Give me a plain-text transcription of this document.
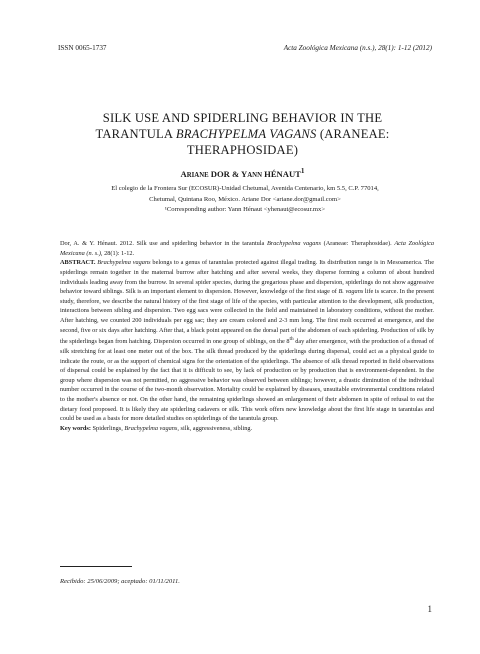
ISSN 0065-1737	Acta Zoológica Mexicana (n.s.), 28(1): 1-12 (2012)
SILK USE AND SPIDERLING BEHAVIOR IN THE
TARANTULA BRACHYPELMA VAGANS (ARANEAE:
THERAPHOSIDAE)
ARIANE DOR & YANN HÉNAUT$^1$
El colegio de la Frontera Sur (ECOSUR)-Unidad Chetumal, Avenida Centenario, km 5.5, C.P. 77014,
Chetumal, Quintana Roo, México. Ariane Dor <ariane.dor@gmail.com>
¹Corresponding author: Yann Hénaut <yhenaut@ecosur.mx>

Dor, A. & Y. Hénaut. 2012. Silk use and spiderling behavior in the tarantula Brachypelma vagans (Araneae: Theraphosidae). Acta Zoológica Mexicana (n. s.), 28(1): 1-12.

ABSTRACT. Brachypelma vagans belongs to a genus of tarantulas protected against illegal trading. Its distribution range is in Mesoamerica. The spiderlings remain together in the maternal burrow after hatching and after several weeks, they disperse forming a column of about hundred individuals leading away from the burrow. In several spider species, during the gregarious phase and dispersion, spiderlings do not show aggressive behavior toward siblings. Silk is an important element to dispersion. However, knowledge of the first stage of B. vagans life is scarce. In the present study, therefore, we describe the natural history of the first stage of life of the species, with particular attention to the development, silk production, interactions between sibling and dispersion. Two egg sacs were collected in the field and maintained in laboratory conditions, without the mother. After hatching, we counted 200 individuals per egg sac; they are cream colored and 2-3 mm long. The first molt occurred at emergence, and the second, five or six days after hatching. After that, a black point appeared on the dorsal part of the abdomen of each spiderling. Production of silk by the spiderlings began from hatching. Dispersion occurred in one group of siblings, on the 8th day after emergence, with the production of a thread of silk stretching for at least one meter out of the box. The silk thread produced by the spiderlings during dispersal, could act as a physical guide to indicate the route, or as the support of chemical signs for the orientation of the spiderlings. The absence of silk thread reported in field observations of dispersal could be explained by the fact that it is difficult to see, by lack of production or by production that is environment-dependent. In the group where dispersion was not permitted, no aggressive behavior was observed between siblings; however, a drastic diminution of the individual number occurred in the course of the two-month observation. Mortality could be explained by diseases, unsuitable environmental conditions related to the mother's absence or not. On the other hand, the remaining spiderlings showed an enlargement of their abdomen in spite of refusal to eat the dietary food proposed. It is likely they ate spiderling cadavers or silk. This work offers new knowledge about the first life stage in tarantulas and could be used as a basis for more detailed studies on spiderlings of the tarantula group.

Key words: Spiderlings, Brachypelma vagans, silk, aggressiveness, sibling.

Recibido: 25/06/2009; aceptado: 01/11/2011.
1
